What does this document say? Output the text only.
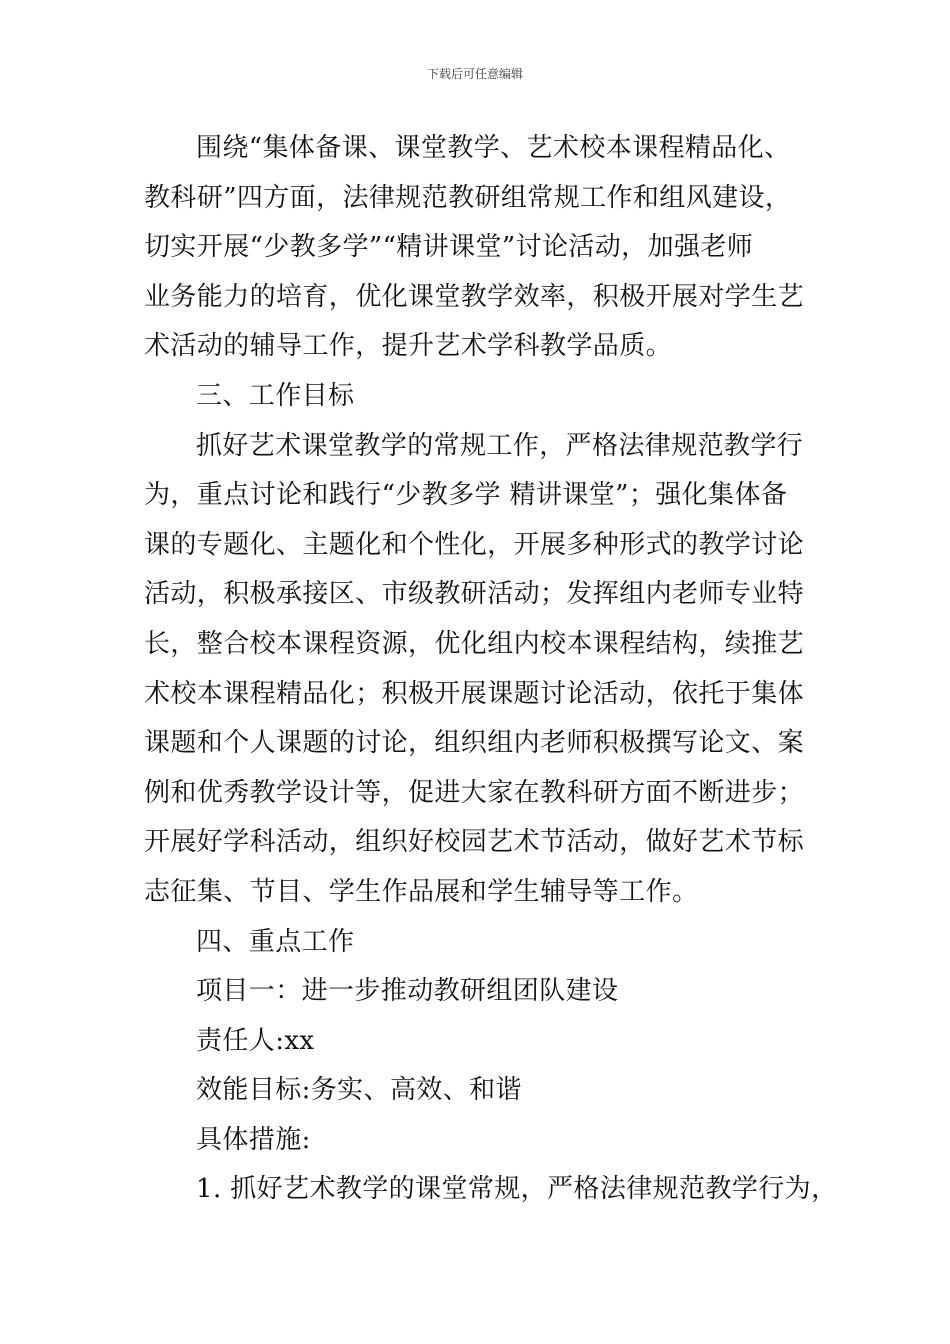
下载后可任意编辑
围绕“集体备课、课堂教学、艺术校本课程精品化、
教科研”四方面，法律规范教研组常规工作和组风建设，
切实开展“少教多学”“精讲课堂”讨论活动，加强老师
业务能力的培育，优化课堂教学效率，积极开展对学生艺
术活动的辅导工作，提升艺术学科教学品质。
三、工作目标
抓好艺术课堂教学的常规工作，严格法律规范教学行
为，重点讨论和践行“少教多学 精讲课堂”；强化集体备
课的专题化、主题化和个性化，开展多种形式的教学讨论
活动，积极承接区、市级教研活动；发挥组内老师专业特
长，整合校本课程资源，优化组内校本课程结构，续推艺
术校本课程精品化；积极开展课题讨论活动，依托于集体
课题和个人课题的讨论，组织组内老师积极撰写论文、案
例和优秀教学设计等，促进大家在教科研方面不断进步；
开展好学科活动，组织好校园艺术节活动，做好艺术节标
志征集、节目、学生作品展和学生辅导等工作。
四、重点工作
项目一：进一步推动教研组团队建设
责任人:xx
效能目标:务实、高效、和谐
具体措施:
1. 抓好艺术教学的课堂常规，严格法律规范教学行为，
